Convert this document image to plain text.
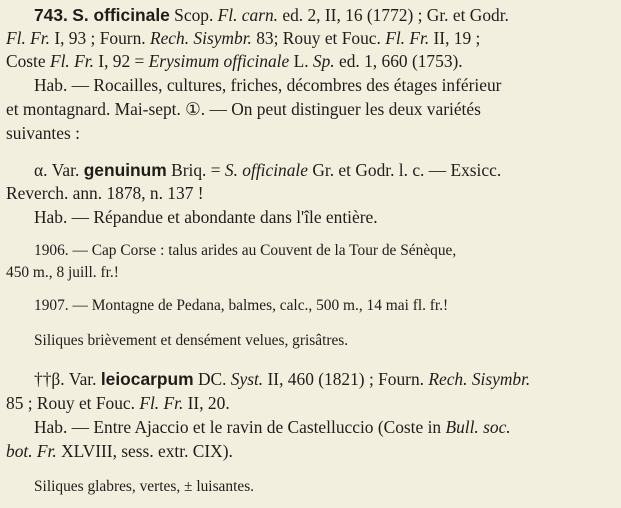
743. S. officinale Scop. Fl. carn. ed. 2, II, 16 (1772) ; Gr. et Godr.
Fl. Fr. I, 93 ; Fourn. Rech. Sisymbr. 83; Rouy et Fouc. Fl. Fr. II, 19 ;
Coste Fl. Fr. I, 92 = Erysimum officinale L. Sp. ed. 1, 660 (1753).
Hab. — Rocailles, cultures, friches, décombres des étages inférieur
et montagnard. Mai-sept. ①. — On peut distinguer les deux variétés
suivantes :
α. Var. genuinum Briq. = S. officinale Gr. et Godr. l. c. — Exsicc.
Reverch. ann. 1878, n. 137 !
Hab. — Répandue et abondante dans l'île entière.
1906. — Cap Corse : talus arides au Couvent de la Tour de Sénèque,
450 m., 8 juill. fr.!
1907. — Montagne de Pedana, balmes, calc., 500 m., 14 mai fl. fr.!
Siliques brièvement et densément velues, grisâtres.
††β. Var. leiocarpum DC. Syst. II, 460 (1821) ; Fourn. Rech. Sisymbr.
85 ; Rouy et Fouc. Fl. Fr. II, 20.
Hab. — Entre Ajaccio et le ravin de Castelluccio (Coste in Bull. soc.
bot. Fr. XLVIII, sess. extr. CIX).
Siliques glabres, vertes, ± luisantes.
